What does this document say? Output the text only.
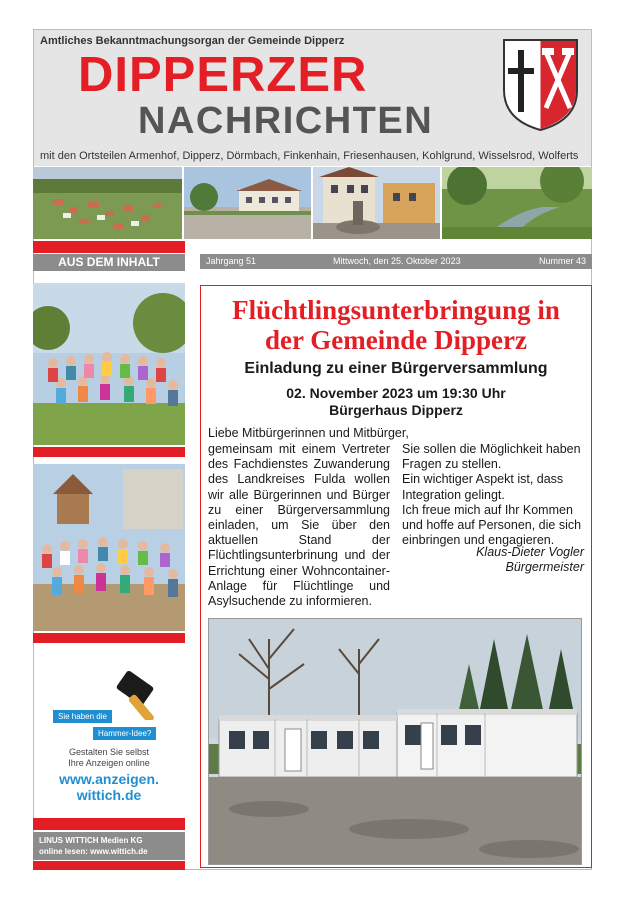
Amtliches Bekanntmachungsorgan der Gemeinde Dipperz
DIPPERZER
NACHRICHTEN
mit den Ortsteilen Armenhof, Dipperz, Dörmbach, Finkenhain, Friesenhausen, Kohlgrund, Wisselsrod, Wolferts
AUS DEM INHALT	Jahrgang 51	Mittwoch, den 25. Oktober 2023	Nummer 43
Sie haben die
Hammer-Idee?
Gestalten Sie selbst
Ihre Anzeigen online
www.anzeigen.
wittich.de
LINUS WITTICH Medien KG
online lesen: www.wittich.de
Flüchtlingsunterbringung in
der Gemeinde Dipperz
Einladung zu einer Bürgerversammlung
02. November 2023 um 19:30 Uhr
Bürgerhaus Dipperz
Liebe Mitbürgerinnen und Mitbürger,
gemeinsam mit einem Vertreter des Fachdienstes Zuwanderung des Landkreises Fulda wollen wir alle Bürgerinnen und Bürger zu einer Bürgerversammlung einladen, um Sie über den aktuellen Stand der Flüchtlingsunterbrinung und der Errichtung einer Wohncontainer-Anlage für Flüchtlinge und Asylsuchende zu informieren.
Sie sollen die Möglichkeit haben Fragen zu stellen.
Ein wichtiger Aspekt ist, dass Integration gelingt.
Ich freue mich auf Ihr Kommen und hoffe auf Personen, die sich einbringen und engagieren.
Klaus-Dieter Vogler
Bürgermeister
